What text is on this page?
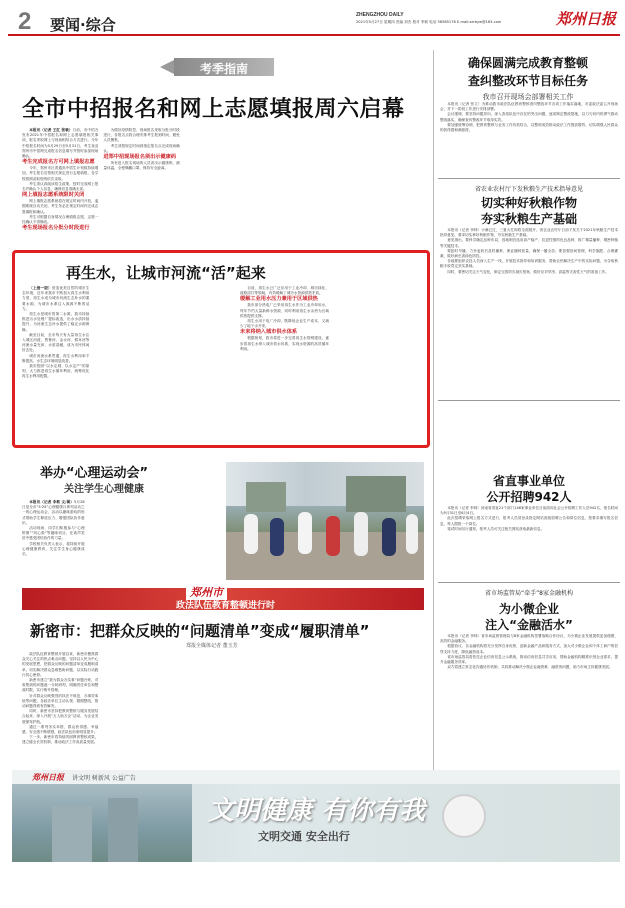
2 要闻·综合
ZHENGZHOU DAILY
2021年5月27日 星期四 责编 刘杰 校对 李莉 电话 56565178 E-mail:zzrbyw@163.com	郑州日报
考季指南
全市中招报名和网上志愿填报周六启幕

本报讯（记者 王红 张敏）日前，市中招办发布2021年中招报名和网上志愿填报相关事项，报名采取网上与现场相结合方式进行。今年中招报名时间为5月29日至5月31日，考生登录郑州市中招网完成报名信息填写并按时参加现场确认。

考生完成报名方可网上填报志愿

今年，郑州市区普通高中招生计划数持续增加，考生报名后按相关规定进行志愿填报，各学校按照录取规则依次录取。

考生须认真阅读招生政策，按时完成网上报名并确认个人信息，确保信息准确无误。

网上填报志愿系统限时关闭

网上填报志愿系统将在规定时间内开放，逾期系统自动关闭，考生务必在规定时间内完成志愿填报和确认。

考生可根据自身情况合理填报志愿，志愿一经确认不得修改。

考生现场报名分批分时段进行

为做好疫情防控，现场报名采取分批分时段进行，各报名点将合理安排考生报到时间，避免人员聚集。

考生须按规定时间到指定报名点完成现场确认。

进郑中招现场报名须出示健康码

所有进入报名现场的人员须出示健康码，测量体温，全程佩戴口罩，保持安全距离。

再生水，让城市河流“活”起来

〔上接一版〕营造优美自然的城市生态环境，近年来我市不断加大再生水利用力度，再生水成为城市河流生态补水的重要水源，为城市水系注入源源不断的活力。

再生水是城市的第二水源，我市持续推进污水处理厂提标改造，出水水质持续提升，为河流生态补水提供了稳定水源保障。

截至目前，全市每天有大量再生水注入城区河道，贾鲁河、金水河、熊耳河等河流水量充沛、水质清澈，成为市民休闲好去处。

城市河流水系贯通，再生水利用率不断提高，水生态环境明显改善。

我市按照“以水定城、以水定产”的原则，大力推进再生水循环利用，统筹优化再生水利用配置。

目前，再生水已广泛应用于工业冷却、城市绿化、道路清扫等领域，有效缓解了城市水资源供需矛盾。

缓解工业用水压力兼用于区域供热

我市部分热电厂已采用再生水作为工业冷却用水，每年节约大量新鲜水资源，同时利用再生水余热为区域供热提供支撑。

再生水用于电厂冷却，既降低企业生产成本，又减少了地下水开采。

未来将纳入城市供水体系

根据规划，我市将进一步完善再生水管网建设，逐步将再生水纳入城市供水体系，实现水资源的高效循环利用。

举办“心理运动会”
关注学生心理健康

本报讯（记者 李莉 文/图）5月26日是全市“5·25”心理健康月系列活动之一的心理运动会，活动以趣味游戏的形式帮助学生释放压力、增强团队协作意识。

活动现场，同学们积极参与“心理拼图”“同心鼓”等趣味项目，在欢声笑语中感受团结协作的力量。

学校相关负责人表示，将持续开展心理健康教育，关注学生身心健康成长。

郑州市
政法队伍教育整顿进行时
新密市：把群众反映的“问题清单”变成“履职清单”
郑报全媒体记者 董玉芳

政法队伍教育整顿开展以来，新密市聚焦群众关心关注的热点难点问题，坚持以人民为中心的发展思想，把群众反映的问题清单变成履职清单，切实解决群众急难愁盼问题，以实际行动践行初心使命。

新密市建立“我为群众办实事”问题台账，对收集到的问题逐一分析研判，明确责任单位和整改时限，实行销号管理。

针对群众反映强烈的执法不规范、办事效率低等问题，各政法单位主动认领、限期整改，推动问题得到有效解决。

同时，新密市坚持把教育整顿与服务发展结合起来，深入开展“万人助万企”活动，为企业发展保驾护航。

通过一系列务实举措，群众获得感、幸福感、安全感不断增强，政法队伍形象明显提升。

下一步，新密市将持续巩固教育整顿成果，建立健全长效机制，推动政法工作高质量发展。

确保圆满完成教育整顿
查纠整改环节目标任务
我市召开现场会部署相关工作

本报讯（记者 张立）为推动我市政法队伍教育整顿查纠整改环节各项工作落实落地，市委政法委召开现场会，对下一阶段工作进行安排部署。

会议强调，要坚持问题导向，深入查找队伍中存在的突出问题，逐项制定整改措施，以刀刃向内的勇气推动整改落实，确保查纠整改环节取得实效。

要加强统筹协调，把教育整顿与业务工作有机结合，以整顿成效推动政法工作提质增效，切实增强人民群众的获得感和满意度。

省农业农村厅下发秋粮生产技术指导意见
切实种好秋粮作物
夯实秋粮生产基础

本报讯（记者 李林）小满已过，三夏大忙即将全面展开，省农业农村厅日前下发关于2021年秋粮生产技术指导意见，要求切实种好秋粮作物，夯实秋粮生产基础。

意见指出，要科学确定品种布局，因地制宜选用高产稳产、抗逆性强的优良品种，推广精量播种、增密种植等关键技术。

要抢时早播，力争麦收后及时播种，保证播种质量，确保一播全苗；要加强田间管理，科学施肥、合理灌溉，做好病虫害绿色防控。

各地要组织农技人员深入生产一线，开展技术指导和培训服务，帮助农民解决生产中的实际问题，为夺取秋粮丰收奠定坚实基础。

同时，要密切关注天气变化，制定完善防灾减灾预案，做好应对旱涝、高温等灾害性天气的准备工作。

省直事业单位
公开招聘942人

本报讯（记者 李林）河南省省直21个部门146家事业单位日前面向社会公开招聘工作人员942名，报名时间为5月31日至6月4日。

此次招聘采取网上报名方式进行，报考人员须登录指定网站查阅招聘公告和岗位信息，按要求填写报名信息，每人限报一个岗位。

笔试时间另行通知，报考人员可关注相关网站获取最新信息。

省市场监管局“牵手”8家金融机构
为小微企业
注入“金融活水”

本报讯（记者 李林）省市场监督管理局与8家金融机构签署战略合作协议，为小微企业发展提供更加便捷、高效的金融服务。

根据协议，各金融机构将充分发挥自身优势，创新金融产品和服务方式，加大对小微企业和个体工商户的信贷支持力度，降低融资成本。

省市场监管局将依托企业信用信息公示系统，推动信用信息共享应用，帮助金融机构精准识别企业需求，提升金融服务效率。

双方将建立常态化沟通协作机制，共同推动解决小微企业融资难、融资贵问题，助力市场主体健康发展。

郑州日报 讲文明 树新风 公益广告
文明健康 有你有我
文明交通 安全出行
